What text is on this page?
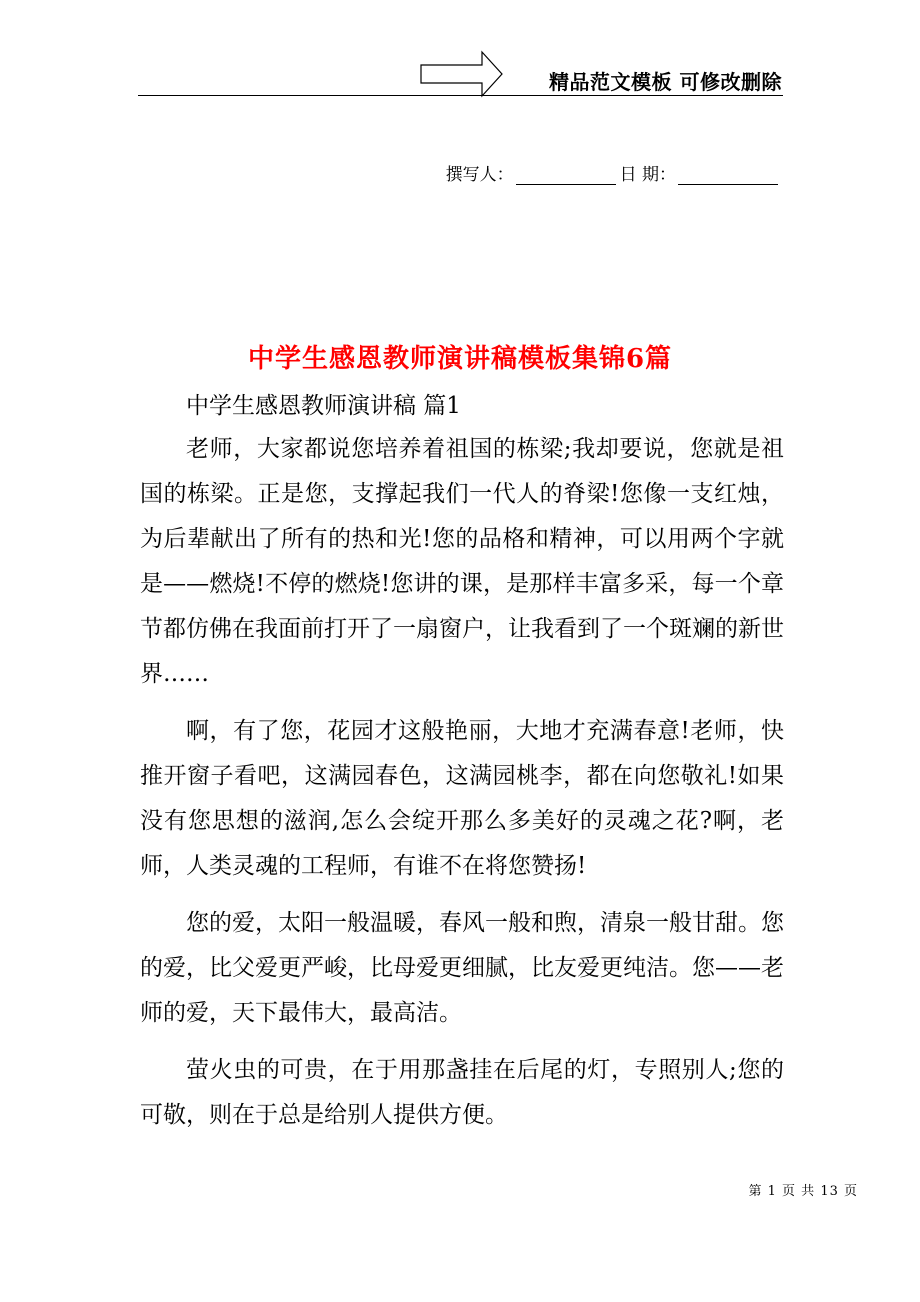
精品范文模板 可修改删除
撰写人：	日 期：
中学生感恩教师演讲稿模板集锦6篇

中学生感恩教师演讲稿 篇1

老师，大家都说您培养着祖国的栋梁;我却要说，您就是祖国的栋梁。正是您，支撑起我们一代人的脊梁!您像一支红烛，为后辈献出了所有的热和光!您的品格和精神，可以用两个字就是——燃烧!不停的燃烧!您讲的课，是那样丰富多采，每一个章节都仿佛在我面前打开了一扇窗户，让我看到了一个斑斓的新世界……

啊，有了您，花园才这般艳丽，大地才充满春意!老师，快推开窗子看吧，这满园春色，这满园桃李，都在向您敬礼!如果没有您思想的滋润,怎么会绽开那么多美好的灵魂之花?啊，老师，人类灵魂的工程师，有谁不在将您赞扬!

您的爱，太阳一般温暖，春风一般和煦，清泉一般甘甜。您的爱，比父爱更严峻，比母爱更细腻，比友爱更纯洁。您——老师的爱，天下最伟大，最高洁。

萤火虫的可贵，在于用那盏挂在后尾的灯，专照别人;您的可敬，则在于总是给别人提供方便。

第 1 页 共 13 页
